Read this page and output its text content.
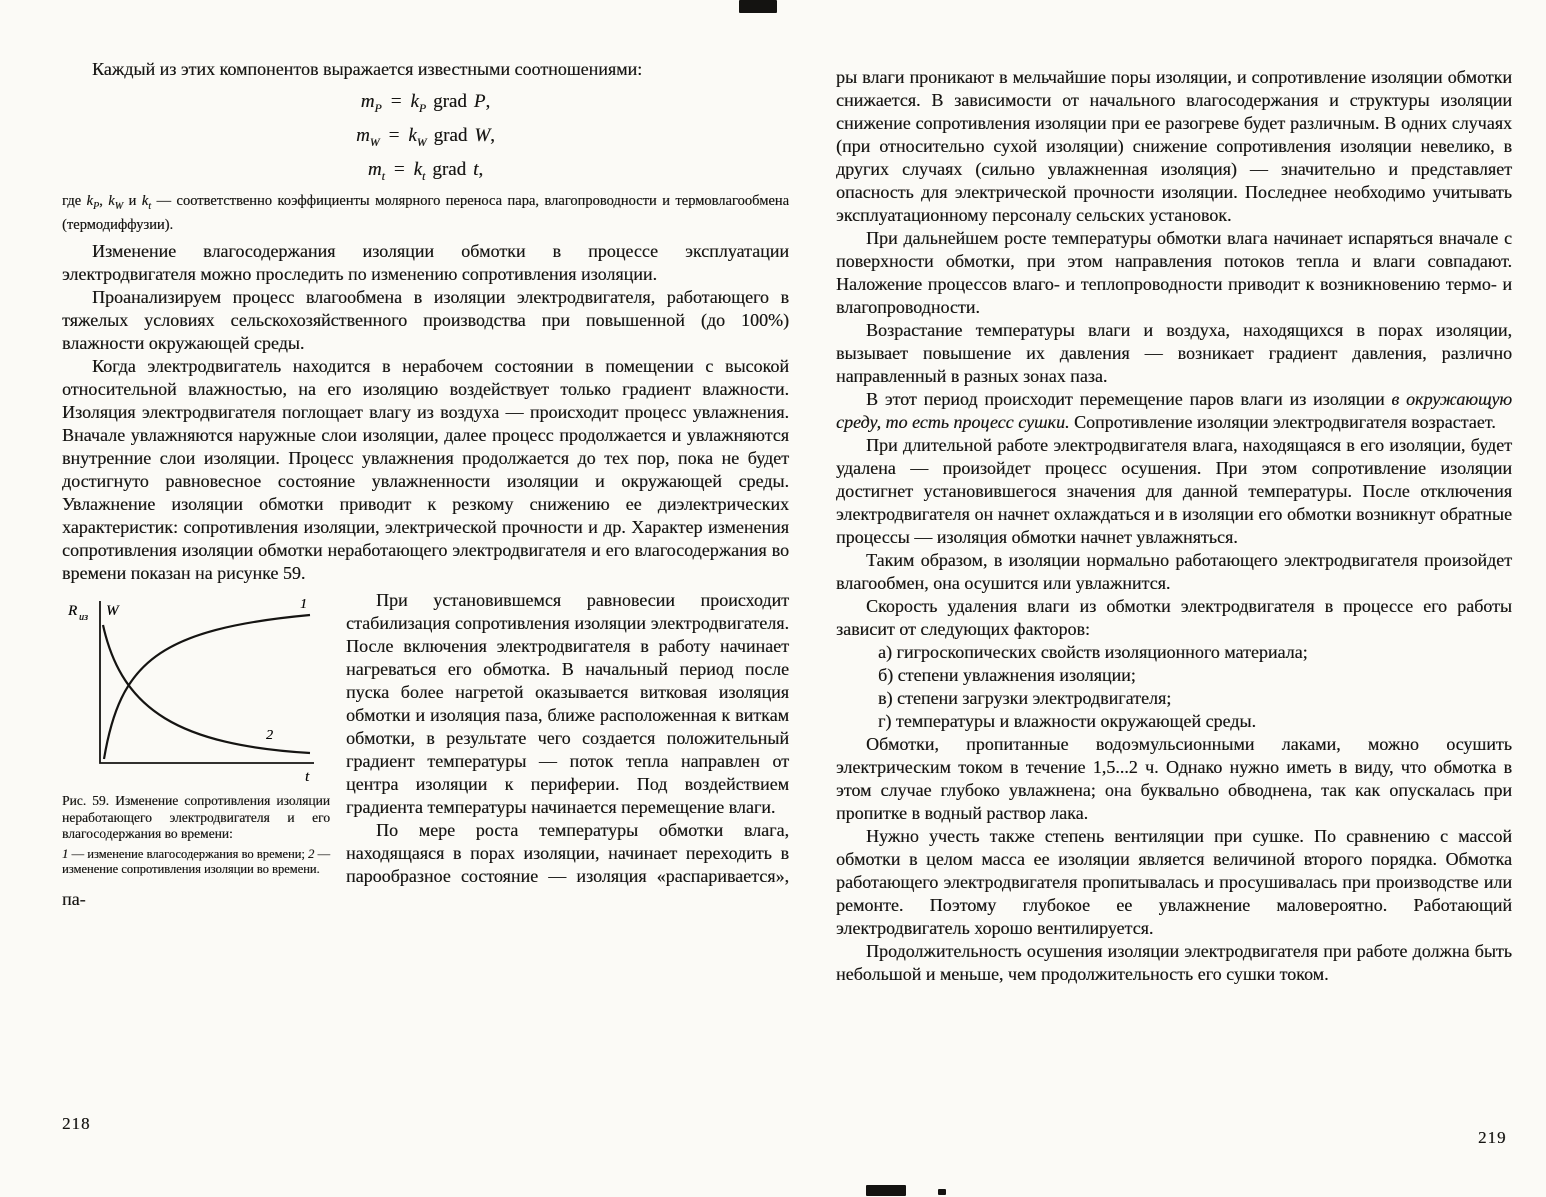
Каждый из этих компонентов выражается известными соотношениями:

$m_P = k_P$ grad P,
$m_W = k_W$ grad W,
$m_t = k_t$ grad t,

где $k_P$, $k_W$ и $k_t$ — соответственно коэффициенты молярного переноса пара, влагопроводности и термовлагообмена (термодиффузии).

Изменение влагосодержания изоляции обмотки в процессе эксплуатации электродвигателя можно проследить по изменению сопротивления изоляции.

Проанализируем процесс влагообмена в изоляции электродвигателя, работающего в тяжелых условиях сельскохозяйственного производства при повышенной (до 100%) влажности окружающей среды.

Когда электродвигатель находится в нерабочем состоянии в помещении с высокой относительной влажностью, на его изоляцию воздействует только градиент влажности. Изоляция электродвигателя поглощает влагу из воздуха — происходит процесс увлажнения. Вначале увлажняются наружные слои изоляции, далее процесс продолжается и увлажняются внутренние слои изоляции. Процесс увлажнения продолжается до тех пор, пока не будет достигнуто равновесное состояние увлажненности изоляции и окружающей среды. Увлажнение изоляции обмотки приводит к резкому снижению ее диэлектрических характеристик: сопротивления изоляции, электрической прочности и др. Характер изменения сопротивления изоляции обмотки неработающего электродвигателя и его влагосодержания во времени показан на рисунке 59.

R из W	1
2
t

Рис. 59. Изменение сопротивления изоляции неработающего электродвигателя и его влагосодержания во времени:

1 — изменение влагосодержания во времени; 2 — изменение сопротивления изоляции во времени.

При установившемся равновесии происходит стабилизация сопротивления изоляции электродвигателя. После включения электродвигателя в работу начинает нагреваться его обмотка. В начальный период после пуска более нагретой оказывается витковая изоляция обмотки и изоляция паза, ближе расположенная к виткам обмотки, в результате чего создается положительный градиент температуры — поток тепла направлен от центра изоляции к периферии. Под воздействием градиента температуры начинается перемещение влаги.

По мере роста температуры обмотки влага, находящаяся в порах изоляции, начинает переходить в парообразное состояние — изоляция «распаривается», па-

218

ры влаги проникают в мельчайшие поры изоляции, и сопротивление изоляции обмотки снижается. В зависимости от начального влагосодержания и структуры изоляции снижение сопротивления изоляции при ее разогреве будет различным. В одних случаях (при относительно сухой изоляции) снижение сопротивления изоляции невелико, в других случаях (сильно увлажненная изоляция) — значительно и представляет опасность для электрической прочности изоляции. Последнее необходимо учитывать эксплуатационному персоналу сельских установок.

При дальнейшем росте температуры обмотки влага начинает испаряться вначале с поверхности обмотки, при этом направления потоков тепла и влаги совпадают. Наложение процессов влаго- и теплопроводности приводит к возникновению термо- и влагопроводности.

Возрастание температуры влаги и воздуха, находящихся в порах изоляции, вызывает повышение их давления — возникает градиент давления, различно направленный в разных зонах паза.

В этот период происходит перемещение паров влаги из изоляции в окружающую среду, то есть процесс сушки. Сопротивление изоляции электродвигателя возрастает.

При длительной работе электродвигателя влага, находящаяся в его изоляции, будет удалена — произойдет процесс осушения. При этом сопротивление изоляции достигнет установившегося значения для данной температуры. После отключения электродвигателя он начнет охлаждаться и в изоляции его обмотки возникнут обратные процессы — изоляция обмотки начнет увлажняться.

Таким образом, в изоляции нормально работающего электродвигателя произойдет влагообмен, она осушится или увлажнится.

Скорость удаления влаги из обмотки электродвигателя в процессе его работы зависит от следующих факторов:

а) гигроскопических свойств изоляционного материала;

б) степени увлажнения изоляции;

в) степени загрузки электродвигателя;

г) температуры и влажности окружающей среды.

Обмотки, пропитанные водоэмульсионными лаками, можно осушить электрическим током в течение 1,5...2 ч. Однако нужно иметь в виду, что обмотка в этом случае глубоко увлажнена; она буквально обводнена, так как опускалась при пропитке в водный раствор лака.

Нужно учесть также степень вентиляции при сушке. По сравнению с массой обмотки в целом масса ее изоляции является величиной второго порядка. Обмотка работающего электродвигателя пропитывалась и просушивалась при производстве или ремонте. Поэтому глубокое ее увлажнение маловероятно. Работающий электродвигатель хорошо вентилируется.

Продолжительность осушения изоляции электродвигателя при работе должна быть небольшой и меньше, чем продолжительность его сушки током.

219
